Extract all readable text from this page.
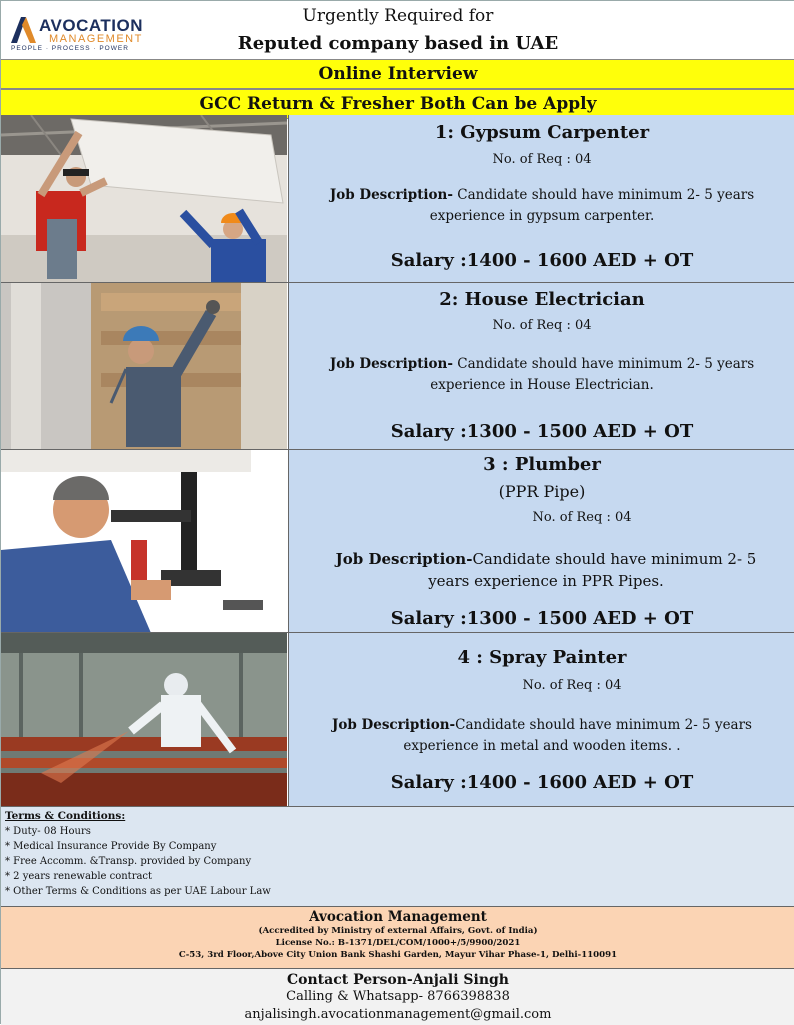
AVOCATION
MANAGEMENT
PEOPLE · PROCESS · POWER
Urgently Required for
Reputed company based in UAE
Online Interview
GCC Return & Fresher Both Can be Apply
1: Gypsum Carpenter
No. of Req : 04
Job Description- Candidate should have minimum 2- 5 years experience in gypsum carpenter.
Salary :1400 - 1600 AED + OT
2: House Electrician
No. of Req : 04
Job Description- Candidate should have minimum 2- 5 years experience in House Electrician.
Salary :1300 - 1500 AED + OT
3 : Plumber
(PPR Pipe)
No. of Req : 04
Job Description-Candidate should have minimum 2- 5 years experience in PPR Pipes.
Salary :1300 - 1500 AED + OT
4 : Spray Painter
No. of Req : 04
Job Description-Candidate should have minimum 2- 5 years experience in metal and wooden items. .
Salary :1400 - 1600 AED + OT
Terms & Conditions:
* Duty- 08 Hours
* Medical Insurance Provide By Company
* Free Accomm. &Transp. provided by Company
* 2 years renewable contract
* Other Terms & Conditions as per UAE Labour Law
Avocation Management
(Accredited by Ministry of external Affairs, Govt. of India)
License No.: B-1371/DEL/COM/1000+/5/9900/2021
C-53, 3rd Floor,Above City Union Bank Shashi Garden, Mayur Vihar Phase-1, Delhi-110091
Contact Person-Anjali Singh
Calling & Whatsapp- 8766398838
anjalisingh.avocationmanagement@gmail.com
